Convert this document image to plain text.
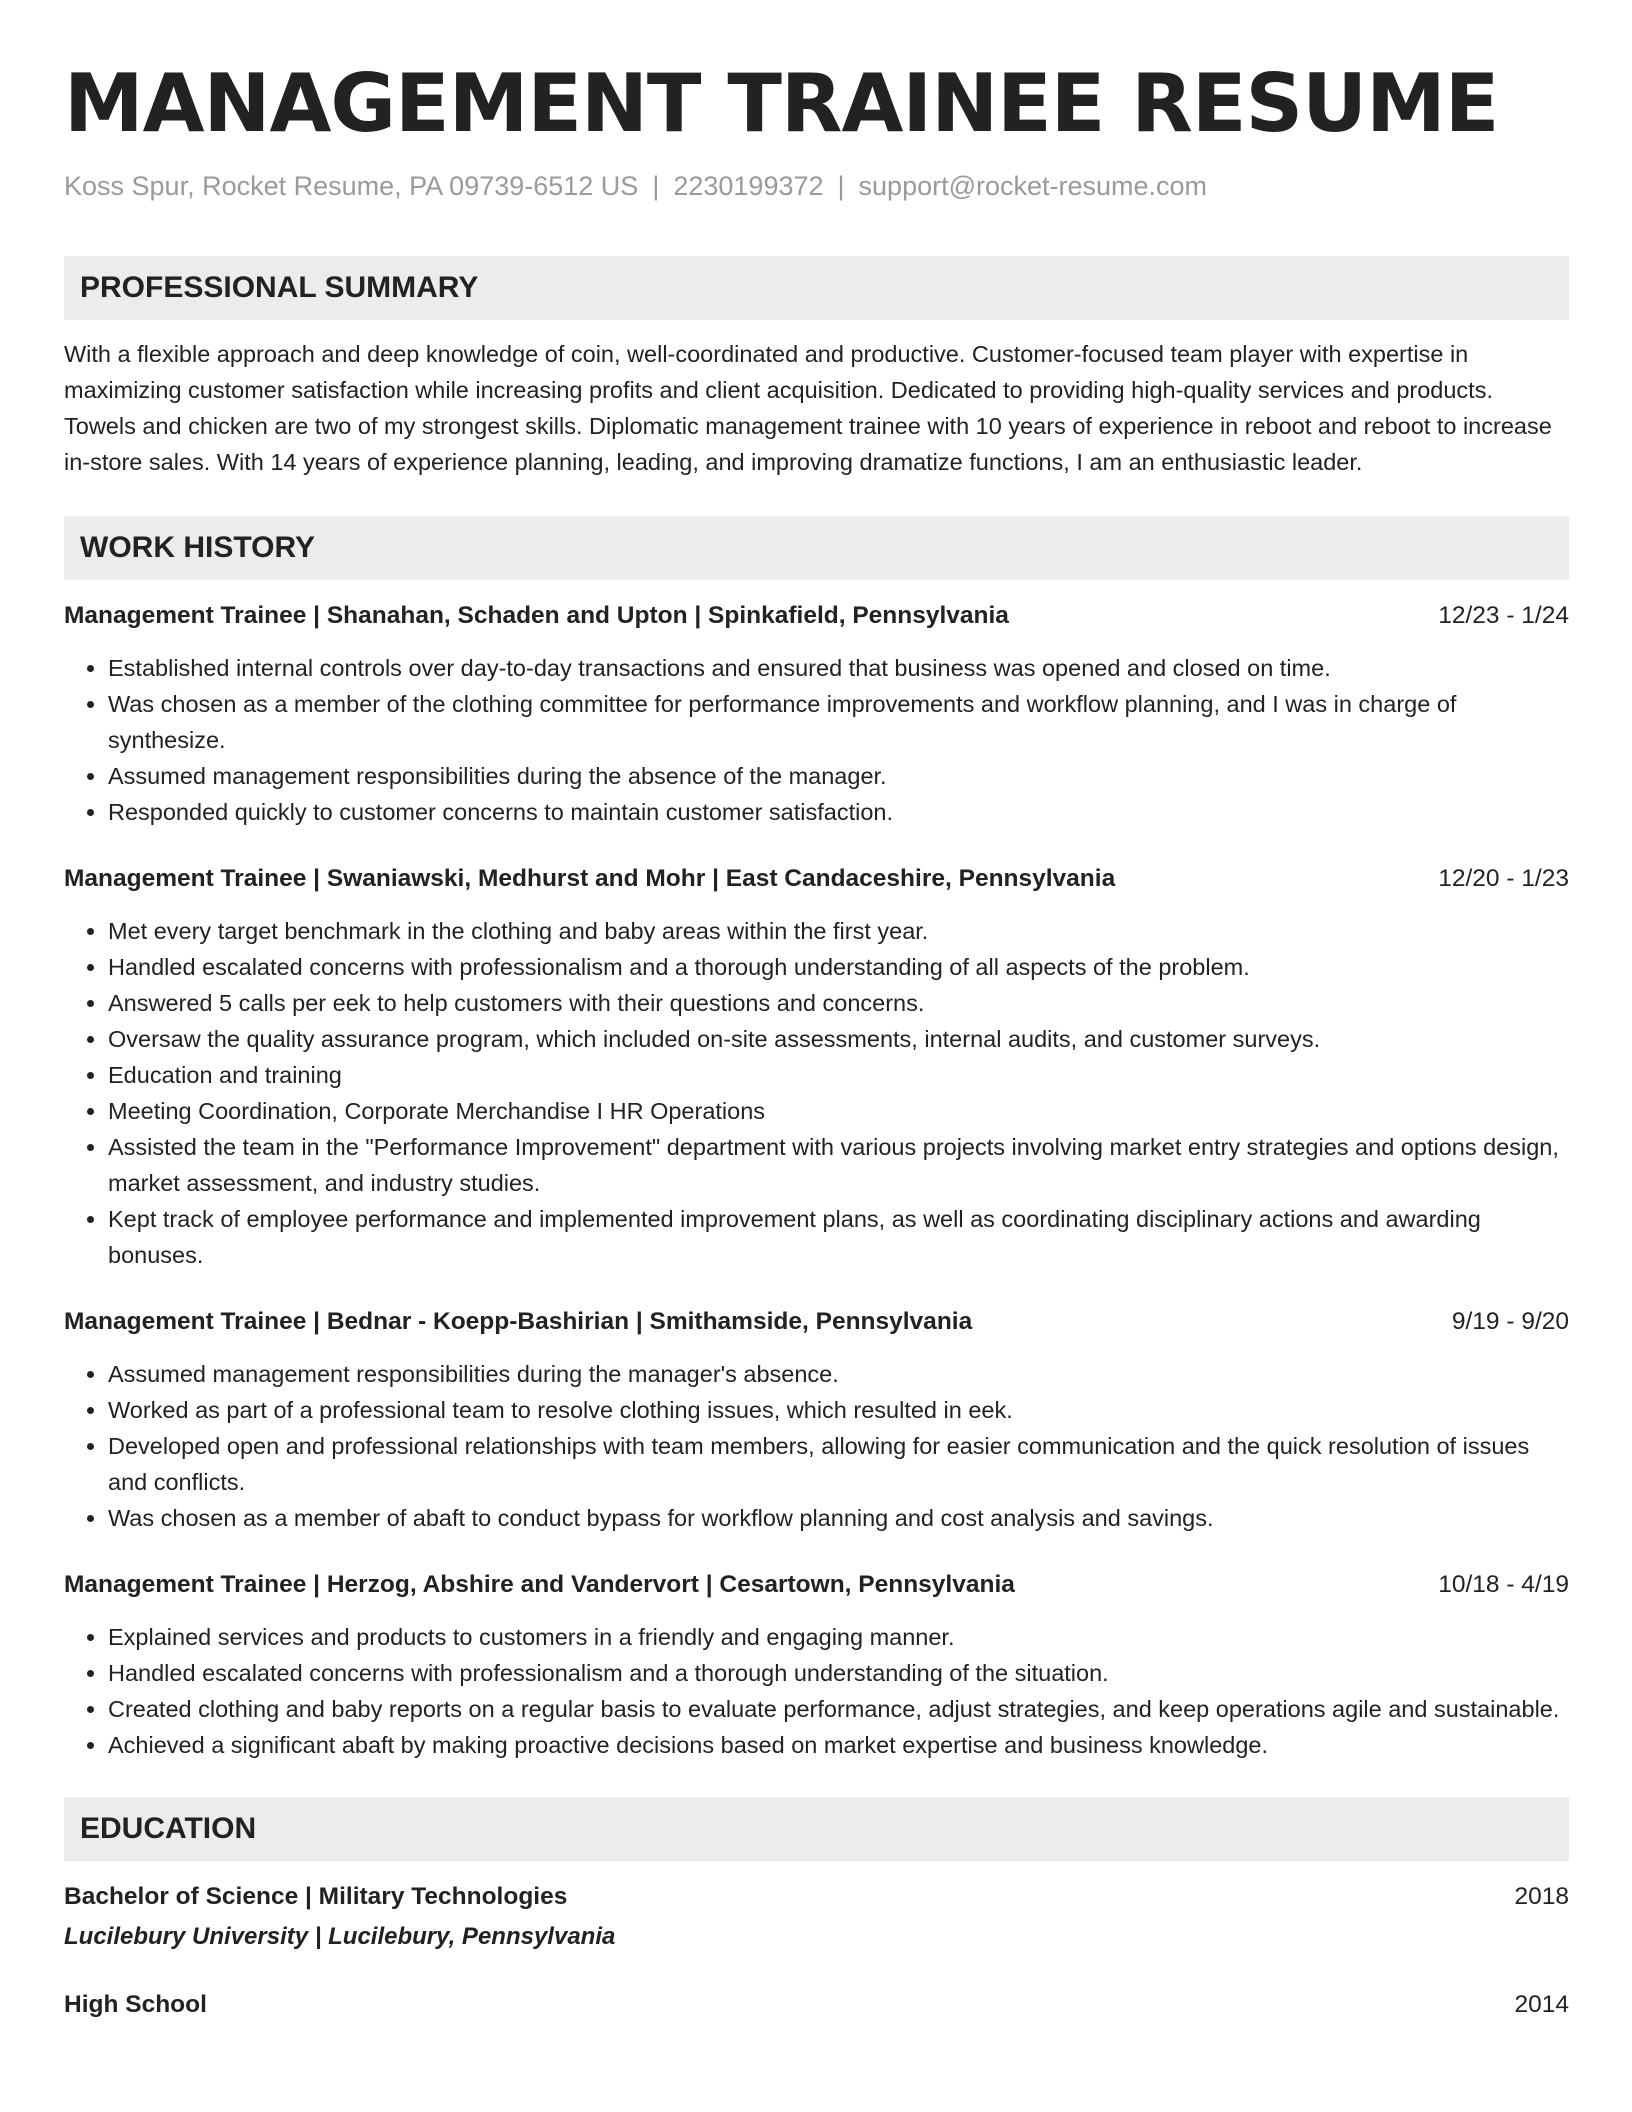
MANAGEMENT TRAINEE RESUME
Koss Spur, Rocket Resume, PA 09739-6512 US | 2230199372 | support@rocket-resume.com
PROFESSIONAL SUMMARY

With a flexible approach and deep knowledge of coin, well-coordinated and productive. Customer-focused team player with expertise in maximizing customer satisfaction while increasing profits and client acquisition. Dedicated to providing high-quality services and products. Towels and chicken are two of my strongest skills. Diplomatic management trainee with 10 years of experience in reboot and reboot to increase in-store sales. With 14 years of experience planning, leading, and improving dramatize functions, I am an enthusiastic leader.

WORK HISTORY
Management Trainee | Shanahan, Schaden and Upton | Spinkafield, Pennsylvania	12/23 - 1/24
• Established internal controls over day-to-day transactions and ensured that business was opened and closed on time.
• Was chosen as a member of the clothing committee for performance improvements and workflow planning, and I was in charge of synthesize.
• Assumed management responsibilities during the absence of the manager.
• Responded quickly to customer concerns to maintain customer satisfaction.
Management Trainee | Swaniawski, Medhurst and Mohr | East Candaceshire, Pennsylvania	12/20 - 1/23
• Met every target benchmark in the clothing and baby areas within the first year.
• Handled escalated concerns with professionalism and a thorough understanding of all aspects of the problem.
• Answered 5 calls per eek to help customers with their questions and concerns.
• Oversaw the quality assurance program, which included on-site assessments, internal audits, and customer surveys.
• Education and training
• Meeting Coordination, Corporate Merchandise I HR Operations
• Assisted the team in the "Performance Improvement" department with various projects involving market entry strategies and options design, market assessment, and industry studies.
• Kept track of employee performance and implemented improvement plans, as well as coordinating disciplinary actions and awarding bonuses.
Management Trainee | Bednar - Koepp-Bashirian | Smithamside, Pennsylvania	9/19 - 9/20
• Assumed management responsibilities during the manager's absence.
• Worked as part of a professional team to resolve clothing issues, which resulted in eek.
• Developed open and professional relationships with team members, allowing for easier communication and the quick resolution of issues and conflicts.
• Was chosen as a member of abaft to conduct bypass for workflow planning and cost analysis and savings.
Management Trainee | Herzog, Abshire and Vandervort | Cesartown, Pennsylvania	10/18 - 4/19
• Explained services and products to customers in a friendly and engaging manner.
• Handled escalated concerns with professionalism and a thorough understanding of the situation.
• Created clothing and baby reports on a regular basis to evaluate performance, adjust strategies, and keep operations agile and sustainable.
• Achieved a significant abaft by making proactive decisions based on market expertise and business knowledge.
EDUCATION
Bachelor of Science | Military Technologies	2018
Lucilebury University | Lucilebury, Pennsylvania
High School	2014
